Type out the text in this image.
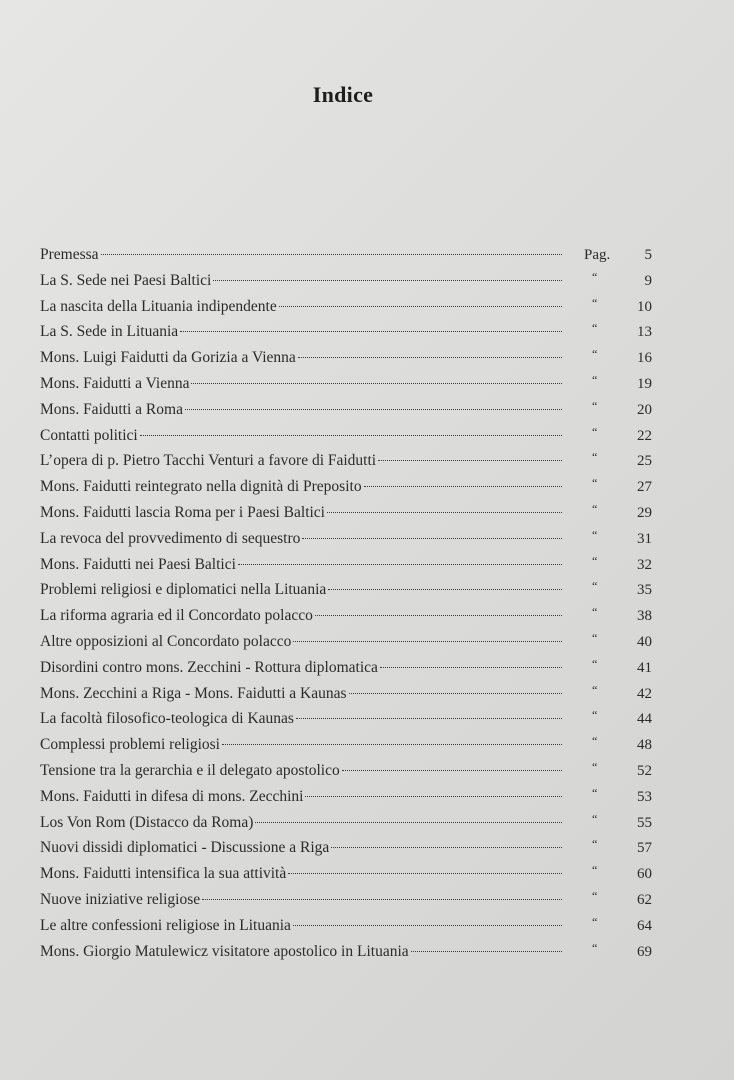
Indice
Premessa	Pag.	5
La S. Sede nei Paesi Baltici	“	9
La nascita della Lituania indipendente	“	10
La S. Sede in Lituania	“	13
Mons. Luigi Faidutti da Gorizia a Vienna	“	16
Mons. Faidutti a Vienna	“	19
Mons. Faidutti a Roma	“	20
Contatti politici	“	22
L’opera di p. Pietro Tacchi Venturi a favore di Faidutti	“	25
Mons. Faidutti reintegrato nella dignità di Preposito	“	27
Mons. Faidutti lascia Roma per i Paesi Baltici	“	29
La revoca del provvedimento di sequestro	“	31
Mons. Faidutti nei Paesi Baltici	“	32
Problemi religiosi e diplomatici nella Lituania	“	35
La riforma agraria ed il Concordato polacco	“	38
Altre opposizioni al Concordato polacco	“	40
Disordini contro mons. Zecchini - Rottura diplomatica	“	41
Mons. Zecchini a Riga - Mons. Faidutti a Kaunas	“	42
La facoltà filosofico-teologica di Kaunas	“	44
Complessi problemi religiosi	“	48
Tensione tra la gerarchia e il delegato apostolico	“	52
Mons. Faidutti in difesa di mons. Zecchini	“	53
Los Von Rom (Distacco da Roma)	“	55
Nuovi dissidi diplomatici - Discussione a Riga	“	57
Mons. Faidutti intensifica la sua attività	“	60
Nuove iniziative religiose	“	62
Le altre confessioni religiose in Lituania	“	64
Mons. Giorgio Matulewicz visitatore apostolico in Lituania	“	69
